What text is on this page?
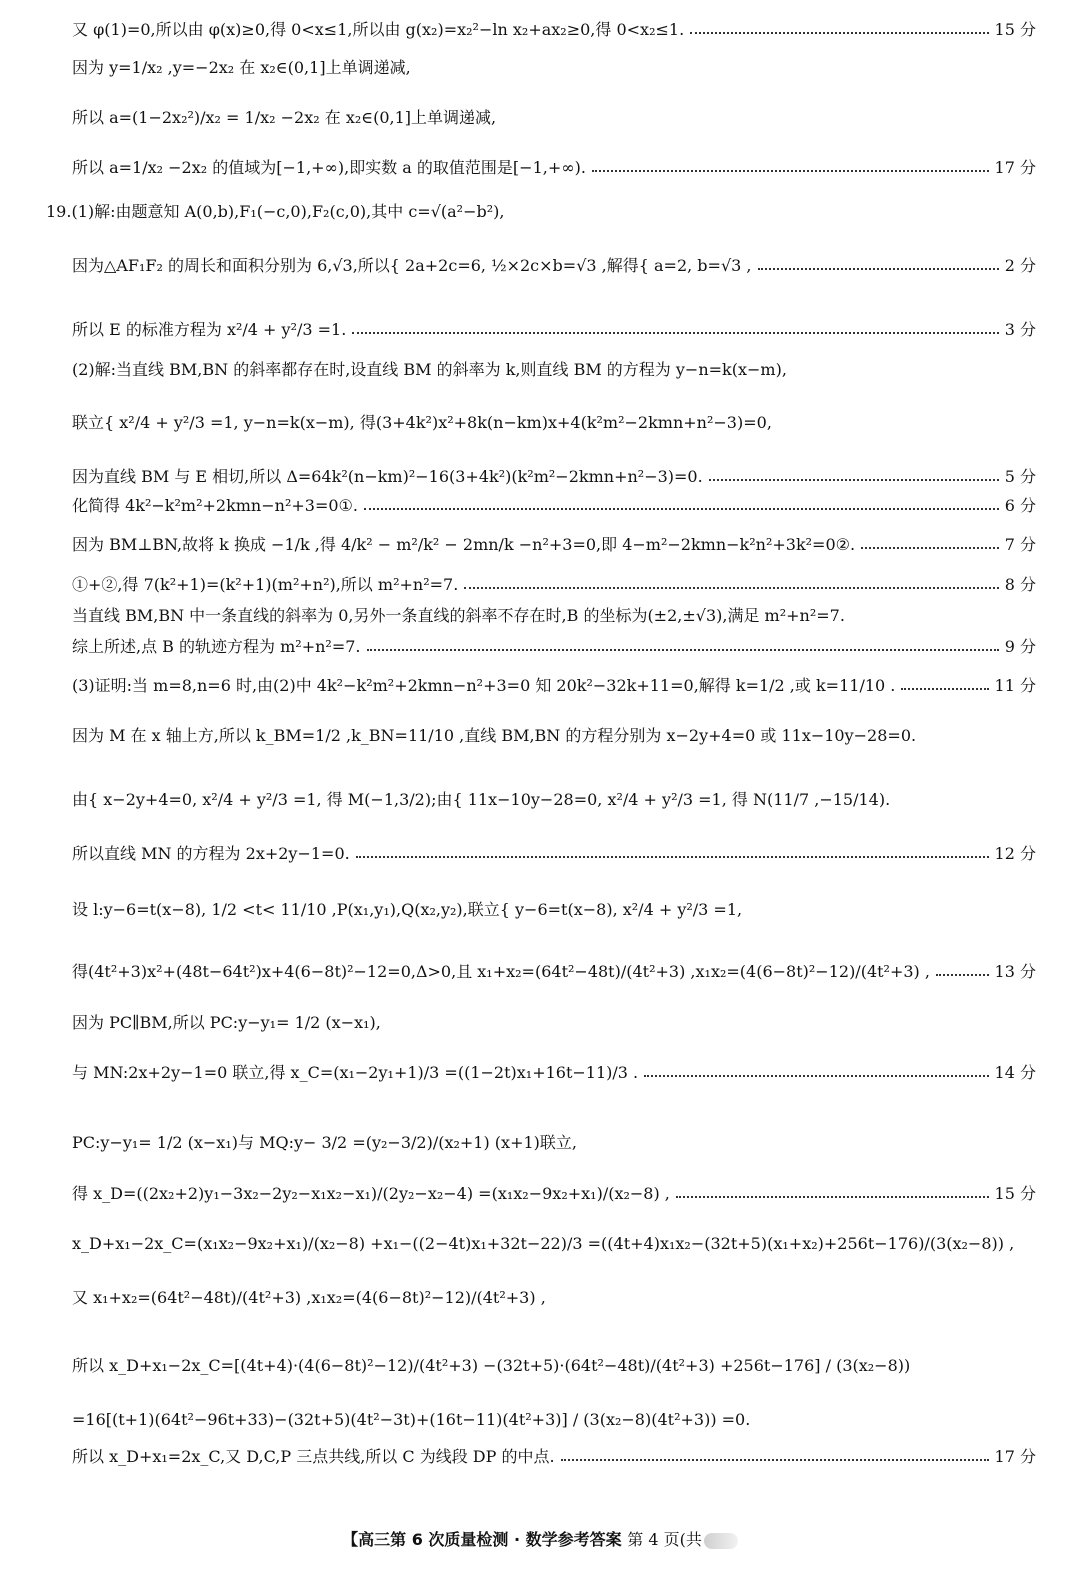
又 φ(1)=0,所以由 φ(x)≥0,得 0<x≤1,所以由 g(x₂)=x₂²−ln x₂+ax₂≥0,得 0<x₂≤1.	15 分
因为 y=1/x₂ ,y=−2x₂ 在 x₂∈(0,1]上单调递减,
所以 a=(1−2x₂²)/x₂ = 1/x₂ −2x₂ 在 x₂∈(0,1]上单调递减,
所以 a=1/x₂ −2x₂ 的值域为[−1,+∞),即实数 a 的取值范围是[−1,+∞).	17 分
19.(1)解:由题意知 A(0,b),F₁(−c,0),F₂(c,0),其中 c=√(a²−b²),
因为△AF₁F₂ 的周长和面积分别为 6,√3,所以{ 2a+2c=6, ½×2c×b=√3 ,解得{ a=2, b=√3 ,	2 分
所以 E 的标准方程为 x²/4 + y²/3 =1.	3 分
(2)解:当直线 BM,BN 的斜率都存在时,设直线 BM 的斜率为 k,则直线 BM 的方程为 y−n=k(x−m),
联立{ x²/4 + y²/3 =1, y−n=k(x−m), 得(3+4k²)x²+8k(n−km)x+4(k²m²−2kmn+n²−3)=0,
因为直线 BM 与 E 相切,所以 Δ=64k²(n−km)²−16(3+4k²)(k²m²−2kmn+n²−3)=0.	5 分
化简得 4k²−k²m²+2kmn−n²+3=0①.	6 分
因为 BM⊥BN,故将 k 换成 −1/k ,得 4/k² − m²/k² − 2mn/k −n²+3=0,即 4−m²−2kmn−k²n²+3k²=0②.	7 分
①+②,得 7(k²+1)=(k²+1)(m²+n²),所以 m²+n²=7.	8 分
当直线 BM,BN 中一条直线的斜率为 0,另外一条直线的斜率不存在时,B 的坐标为(±2,±√3),满足 m²+n²=7.
综上所述,点 B 的轨迹方程为 m²+n²=7.	9 分
(3)证明:当 m=8,n=6 时,由(2)中 4k²−k²m²+2kmn−n²+3=0 知 20k²−32k+11=0,解得 k=1/2 ,或 k=11/10 .	11 分
因为 M 在 x 轴上方,所以 k_BM=1/2 ,k_BN=11/10 ,直线 BM,BN 的方程分别为 x−2y+4=0 或 11x−10y−28=0.
由{ x−2y+4=0, x²/4 + y²/3 =1, 得 M(−1,3/2);由{ 11x−10y−28=0, x²/4 + y²/3 =1, 得 N(11/7 ,−15/14).
所以直线 MN 的方程为 2x+2y−1=0.	12 分
设 l:y−6=t(x−8), 1/2 <t< 11/10 ,P(x₁,y₁),Q(x₂,y₂),联立{ y−6=t(x−8), x²/4 + y²/3 =1,
得(4t²+3)x²+(48t−64t²)x+4(6−8t)²−12=0,Δ>0,且 x₁+x₂=(64t²−48t)/(4t²+3) ,x₁x₂=(4(6−8t)²−12)/(4t²+3) ,	13 分
因为 PC∥BM,所以 PC:y−y₁= 1/2 (x−x₁),
与 MN:2x+2y−1=0 联立,得 x_C=(x₁−2y₁+1)/3 =((1−2t)x₁+16t−11)/3 .	14 分
PC:y−y₁= 1/2 (x−x₁)与 MQ:y− 3/2 =(y₂−3/2)/(x₂+1) (x+1)联立,
得 x_D=((2x₂+2)y₁−3x₂−2y₂−x₁x₂−x₁)/(2y₂−x₂−4) =(x₁x₂−9x₂+x₁)/(x₂−8) ,	15 分
x_D+x₁−2x_C=(x₁x₂−9x₂+x₁)/(x₂−8) +x₁−((2−4t)x₁+32t−22)/3 =((4t+4)x₁x₂−(32t+5)(x₁+x₂)+256t−176)/(3(x₂−8)) ,
又 x₁+x₂=(64t²−48t)/(4t²+3) ,x₁x₂=(4(6−8t)²−12)/(4t²+3) ,
所以 x_D+x₁−2x_C=[(4t+4)·(4(6−8t)²−12)/(4t²+3) −(32t+5)·(64t²−48t)/(4t²+3) +256t−176] / (3(x₂−8))
=16[(t+1)(64t²−96t+33)−(32t+5)(4t²−3t)+(16t−11)(4t²+3)] / (3(x₂−8)(4t²+3)) =0.
所以 x_D+x₁=2x_C,又 D,C,P 三点共线,所以 C 为线段 DP 的中点.	17 分
【高三第 6 次质量检测 · 数学参考答案 第 4 页(共
